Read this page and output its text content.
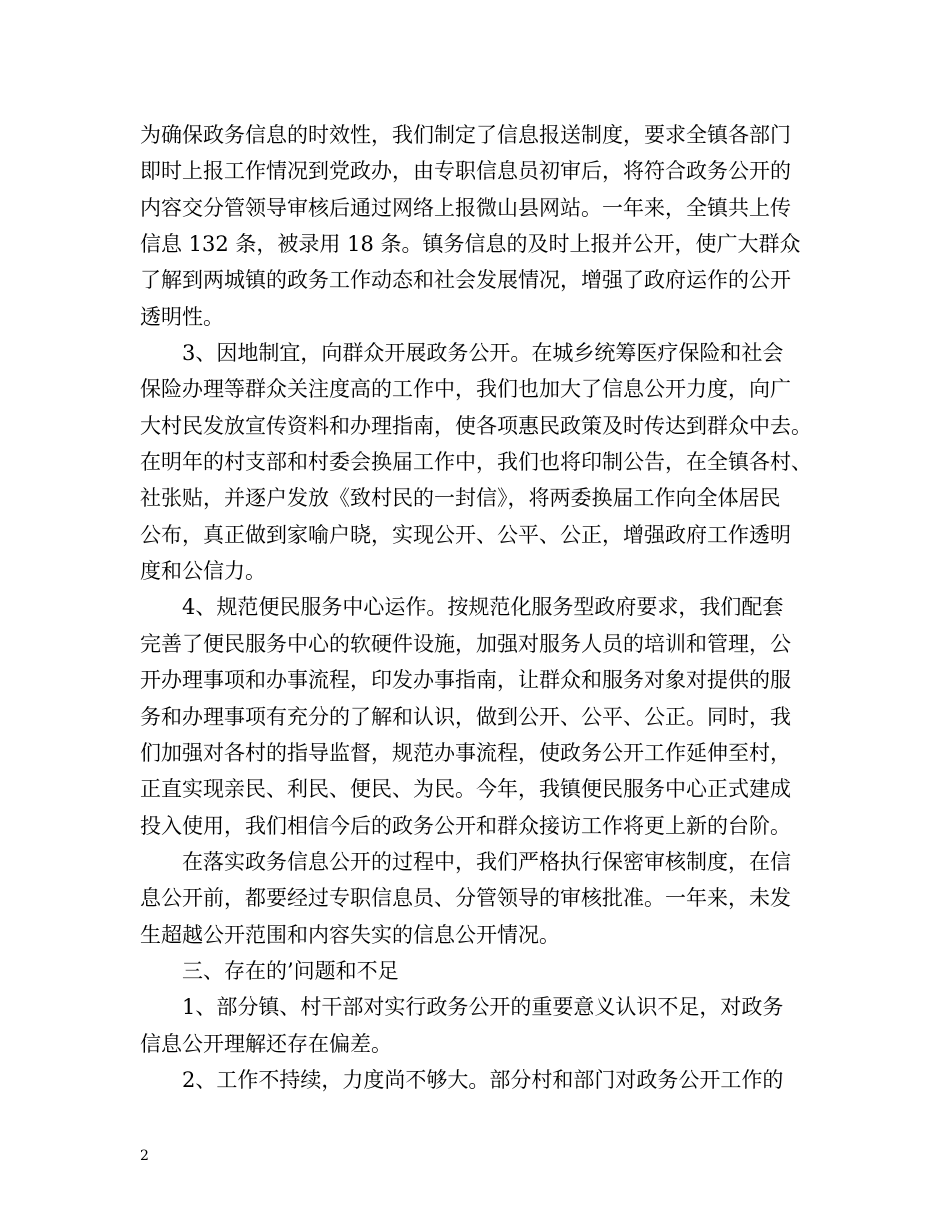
为确保政务信息的时效性，我们制定了信息报送制度，要求全镇各部门
即时上报工作情况到党政办，由专职信息员初审后，将符合政务公开的
内容交分管领导审核后通过网络上报微山县网站。一年来，全镇共上传
信息 132 条，被录用 18 条。镇务信息的及时上报并公开，使广大群众
了解到两城镇的政务工作动态和社会发展情况，增强了政府运作的公开
透明性。
3、因地制宜，向群众开展政务公开。在城乡统筹医疗保险和社会
保险办理等群众关注度高的工作中，我们也加大了信息公开力度，向广
大村民发放宣传资料和办理指南，使各项惠民政策及时传达到群众中去。
在明年的村支部和村委会换届工作中，我们也将印制公告，在全镇各村、
社张贴，并逐户发放《致村民的一封信》，将两委换届工作向全体居民
公布，真正做到家喻户晓，实现公开、公平、公正，增强政府工作透明
度和公信力。
4、规范便民服务中心运作。按规范化服务型政府要求，我们配套
完善了便民服务中心的软硬件设施，加强对服务人员的培训和管理，公
开办理事项和办事流程，印发办事指南，让群众和服务对象对提供的服
务和办理事项有充分的了解和认识，做到公开、公平、公正。同时，我
们加强对各村的指导监督，规范办事流程，使政务公开工作延伸至村，
正直实现亲民、利民、便民、为民。今年，我镇便民服务中心正式建成
投入使用，我们相信今后的政务公开和群众接访工作将更上新的台阶。
在落实政务信息公开的过程中，我们严格执行保密审核制度，在信
息公开前，都要经过专职信息员、分管领导的审核批准。一年来，未发
生超越公开范围和内容失实的信息公开情况。
三、存在的’问题和不足
1、部分镇、村干部对实行政务公开的重要意义认识不足，对政务
信息公开理解还存在偏差。
2、工作不持续，力度尚不够大。部分村和部门对政务公开工作的
2
